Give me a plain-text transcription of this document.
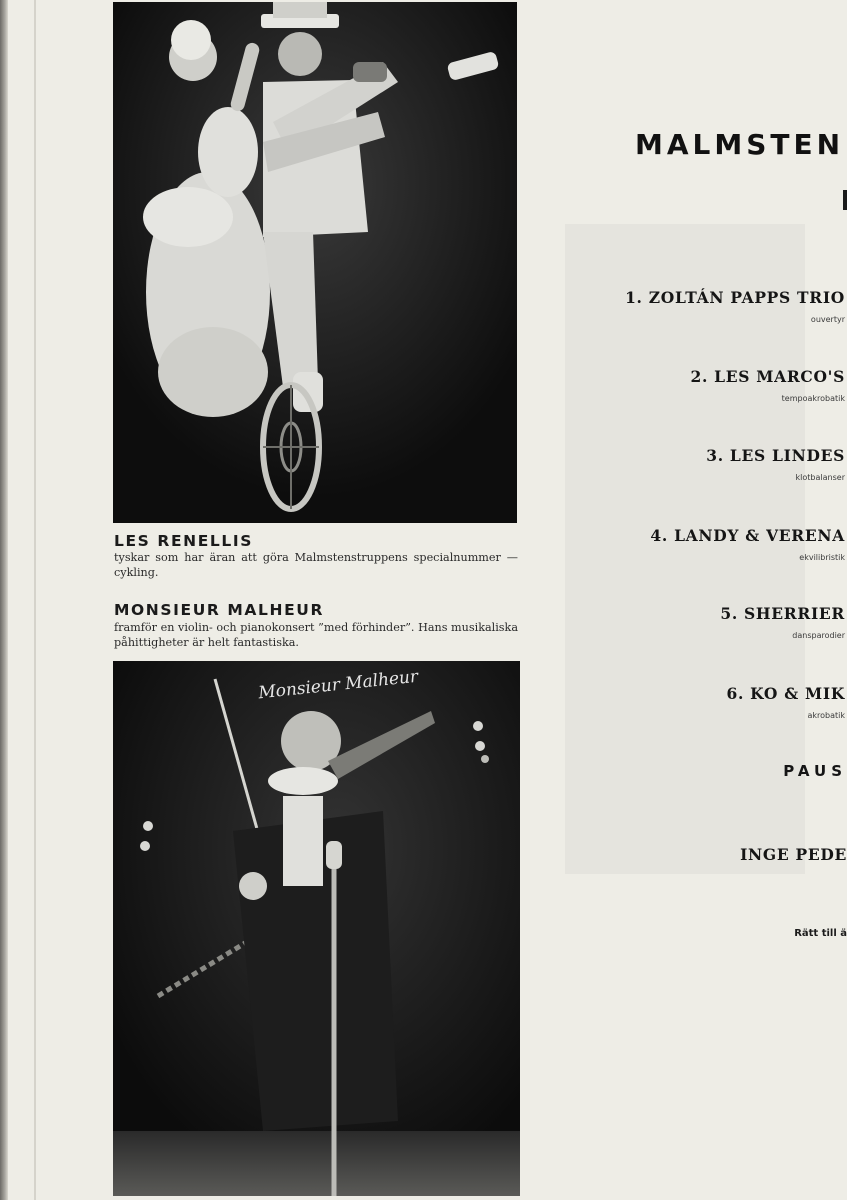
LES RENELLIS

tyskar som har äran att göra Malmstenstruppens specialnummer — cykling.

MONSIEUR MALHEUR

framför en violin- och pianokonsert ”med förhinder”. Hans musikaliska påhittigheter är helt fantastiska.

Monsieur Malheur
MALMSTEN
1. ZOLTÁN PAPPS TRIO
ouvertyr
2. LES MARCO'S
tempoakrobatik
3. LES LINDES
klotbalanser
4. LANDY & VERENA
ekvilibristik
5. SHERRIER
dansparodier
6. KO & MIK
akrobatik
PAUS
INGE PEDE
Rätt till ä
